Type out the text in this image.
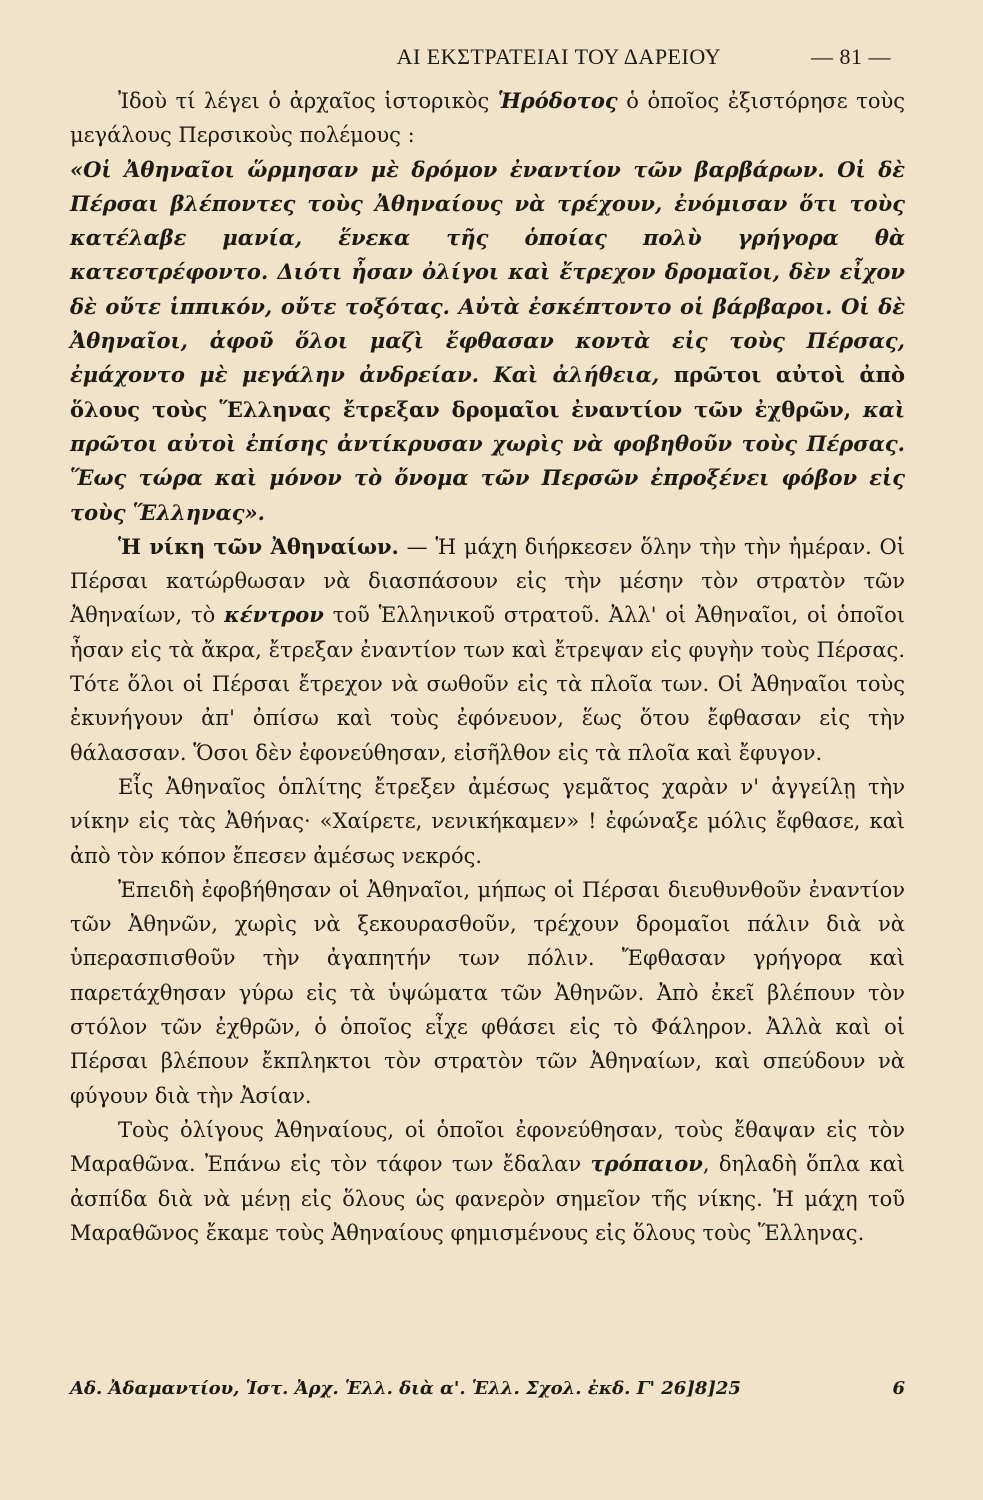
ΑΙ ΕΚΣΤΡΑΤΕΙΑΙ ΤΟΥ ΔΑΡΕΙΟΥ	— 81 —

Ἰδοὺ τί λέγει ὁ ἀρχαῖος ἱστορικὸς Ἡρόδοτος ὁ ὁποῖος ἐξιστόρησε τοὺς μεγάλους Περσικοὺς πολέμους :

«Οἱ Ἀθηναῖοι ὥρμησαν μὲ δρόμον ἐναντίον τῶν βαρβάρων. Οἱ δὲ Πέρσαι βλέποντες τοὺς Ἀθηναίους νὰ τρέχουν, ἐνόμισαν ὅτι τοὺς κατέλαβε μανία, ἕνεκα τῆς ὁποίας πολὺ γρήγορα θὰ κατεστρέφοντο. Διότι ἦσαν ὀλίγοι καὶ ἔτρεχον δρομαῖοι, δὲν εἶχον δὲ οὔτε ἱππικόν, οὔτε τοξότας. Αὐτὰ ἐσκέπτοντο οἱ βάρβαροι. Οἱ δὲ Ἀθηναῖοι, ἀφοῦ ὅλοι μαζὶ ἔφθασαν κοντὰ εἰς τοὺς Πέρσας, ἐμάχοντο μὲ μεγάλην ἀνδρείαν. Καὶ ἀλήθεια, πρῶτοι αὐτοὶ ἀπὸ ὅλους τοὺς Ἕλληνας ἔτρεξαν δρομαῖοι ἐναντίον τῶν ἐχθρῶν, καὶ πρῶτοι αὐτοὶ ἐπίσης ἀντίκρυσαν χωρὶς νὰ φοβηθοῦν τοὺς Πέρσας. Ἕως τώρα καὶ μόνον τὸ ὄνομα τῶν Περσῶν ἐπροξένει φόβον εἰς τοὺς Ἕλληνας».

Ἡ νίκη τῶν Ἀθηναίων. — Ἡ μάχη διήρκεσεν ὅλην τὴν τὴν ἡμέραν. Οἱ Πέρσαι κατώρθωσαν νὰ διασπάσουν εἰς τὴν μέσην τὸν στρατὸν τῶν Ἀθηναίων, τὸ κέντρον τοῦ Ἑλληνικοῦ στρατοῦ. Ἀλλ' οἱ Ἀθηναῖοι, οἱ ὁποῖοι ἦσαν εἰς τὰ ἄκρα, ἔτρεξαν ἐναντίον των καὶ ἔτρεψαν εἰς φυγὴν τοὺς Πέρσας. Τότε ὅλοι οἱ Πέρσαι ἔτρεχον νὰ σωθοῦν εἰς τὰ πλοῖα των. Οἱ Ἀθηναῖοι τοὺς ἐκυνήγουν ἀπ' ὀπίσω καὶ τοὺς ἐφόνευον, ἕως ὅτου ἔφθασαν εἰς τὴν θάλασσαν. Ὅσοι δὲν ἐφονεύθησαν, εἰσῆλθον εἰς τὰ πλοῖα καὶ ἔφυγον.

Εἷς Ἀθηναῖος ὁπλίτης ἔτρεξεν ἀμέσως γεμᾶτος χαρὰν ν' ἀγγείλῃ τὴν νίκην εἰς τὰς Ἀθήνας· «Χαίρετε, νενικήκαμεν» ! ἐφώναξε μόλις ἔφθασε, καὶ ἀπὸ τὸν κόπον ἔπεσεν ἀμέσως νεκρός.

Ἐπειδὴ ἐφοβήθησαν οἱ Ἀθηναῖοι, μήπως οἱ Πέρσαι διευθυνθοῦν ἐναντίον τῶν Ἀθηνῶν, χωρὶς νὰ ξεκουρασθοῦν, τρέχουν δρομαῖοι πάλιν διὰ νὰ ὑπερασπισθοῦν τὴν ἀγαπητήν των πόλιν. Ἔφθασαν γρήγορα καὶ παρετάχθησαν γύρω εἰς τὰ ὑψώματα τῶν Ἀθηνῶν. Ἀπὸ ἐκεῖ βλέπουν τὸν στόλον τῶν ἐχθρῶν, ὁ ὁποῖος εἶχε φθάσει εἰς τὸ Φάληρον. Ἀλλὰ καὶ οἱ Πέρσαι βλέπουν ἔκπληκτοι τὸν στρατὸν τῶν Ἀθηναίων, καὶ σπεύδουν νὰ φύγουν διὰ τὴν Ἀσίαν.

Τοὺς ὀλίγους Ἀθηναίους, οἱ ὁποῖοι ἐφονεύθησαν, τοὺς ἔθαψαν εἰς τὸν Μαραθῶνα. Ἐπάνω εἰς τὸν τάφον των ἔδαλαν τρόπαιον, δηλαδὴ ὅπλα καὶ ἀσπίδα διὰ νὰ μένῃ εἰς ὅλους ὡς φανερὸν σημεῖον τῆς νίκης. Ἡ μάχη τοῦ Μαραθῶνος ἔκαμε τοὺς Ἀθηναίους φημισμένους εἰς ὅλους τοὺς Ἕλληνας.

Αδ. Ἀδαμαντίου, Ἱστ. Ἀρχ. Ἑλλ. διὰ α'. Ἑλλ. Σχολ. ἐκδ. Γ' 26]8]25	6
